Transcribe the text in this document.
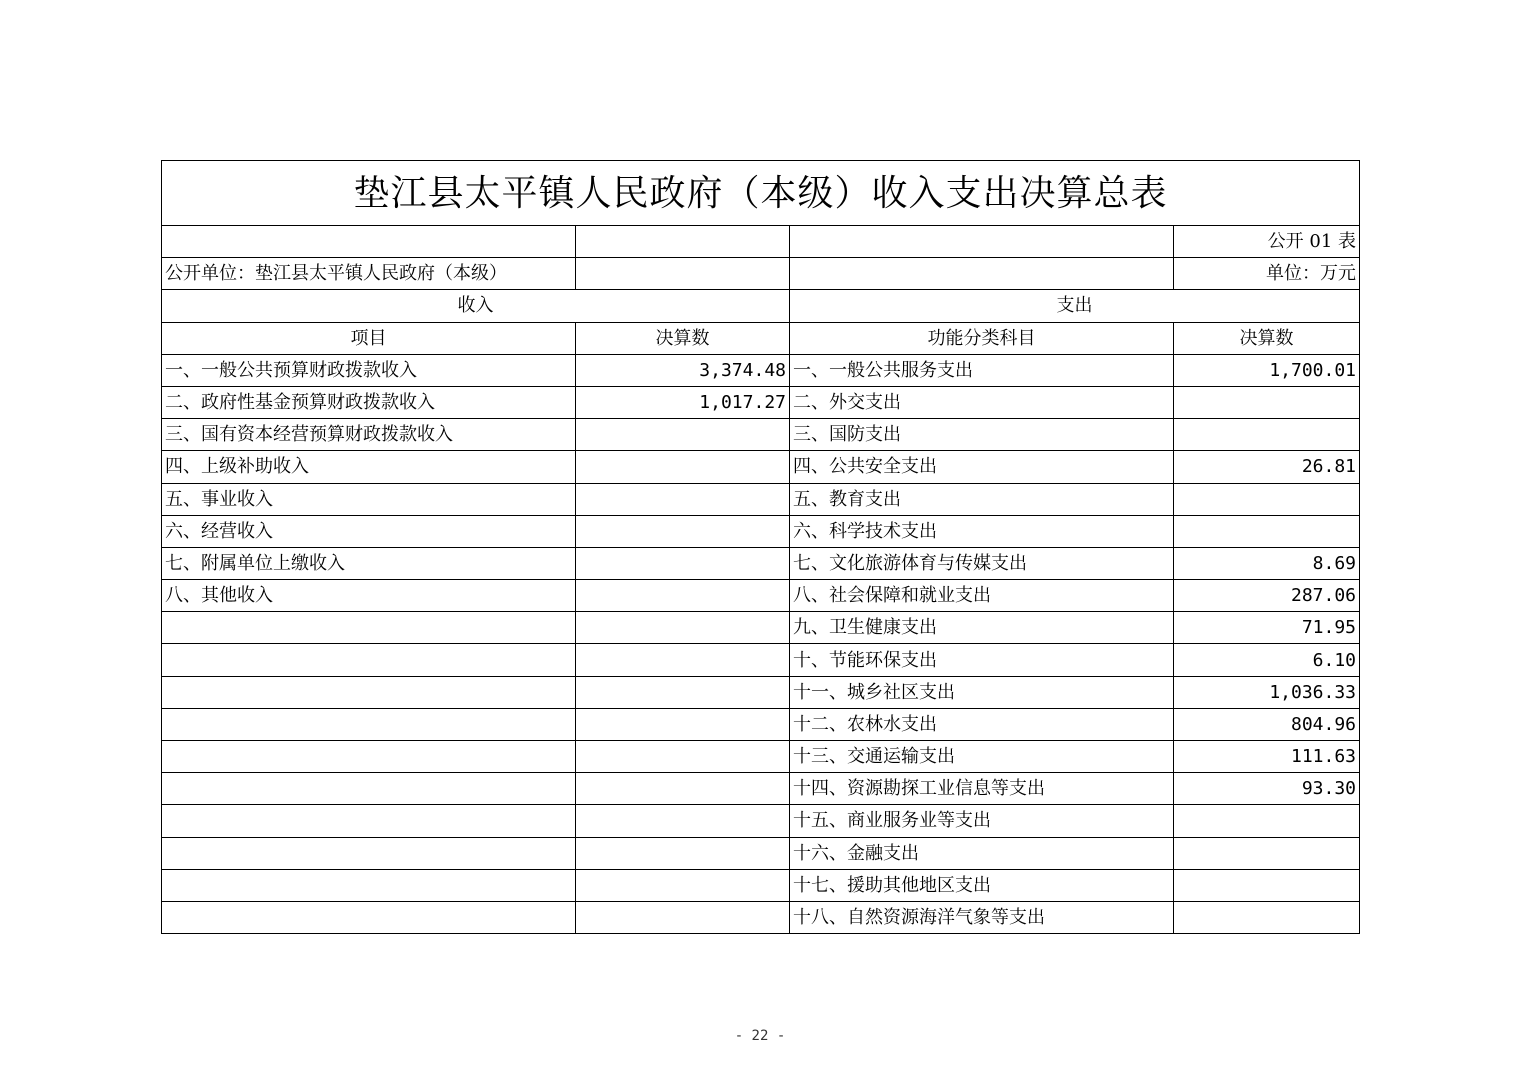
垫江县太平镇人民政府（本级）收入支出决算总表			
			公开 01 表
公开单位：垫江县太平镇人民政府（本级）			单位：万元
收入		支出	
项目	决算数	功能分类科目	决算数
一、一般公共预算财政拨款收入	3,374.48	一、一般公共服务支出	1,700.01
二、政府性基金预算财政拨款收入	1,017.27	二、外交支出	
三、国有资本经营预算财政拨款收入		三、国防支出	
四、上级补助收入		四、公共安全支出	26.81
五、事业收入		五、教育支出	
六、经营收入		六、科学技术支出	
七、附属单位上缴收入		七、文化旅游体育与传媒支出	8.69
八、其他收入		八、社会保障和就业支出	287.06
		九、卫生健康支出	71.95
		十、节能环保支出	6.10
		十一、城乡社区支出	1,036.33
		十二、农林水支出	804.96
		十三、交通运输支出	111.63
		十四、资源勘探工业信息等支出	93.30
		十五、商业服务业等支出	
		十六、金融支出	
		十七、援助其他地区支出	
		十八、自然资源海洋气象等支出	
- 22 -
